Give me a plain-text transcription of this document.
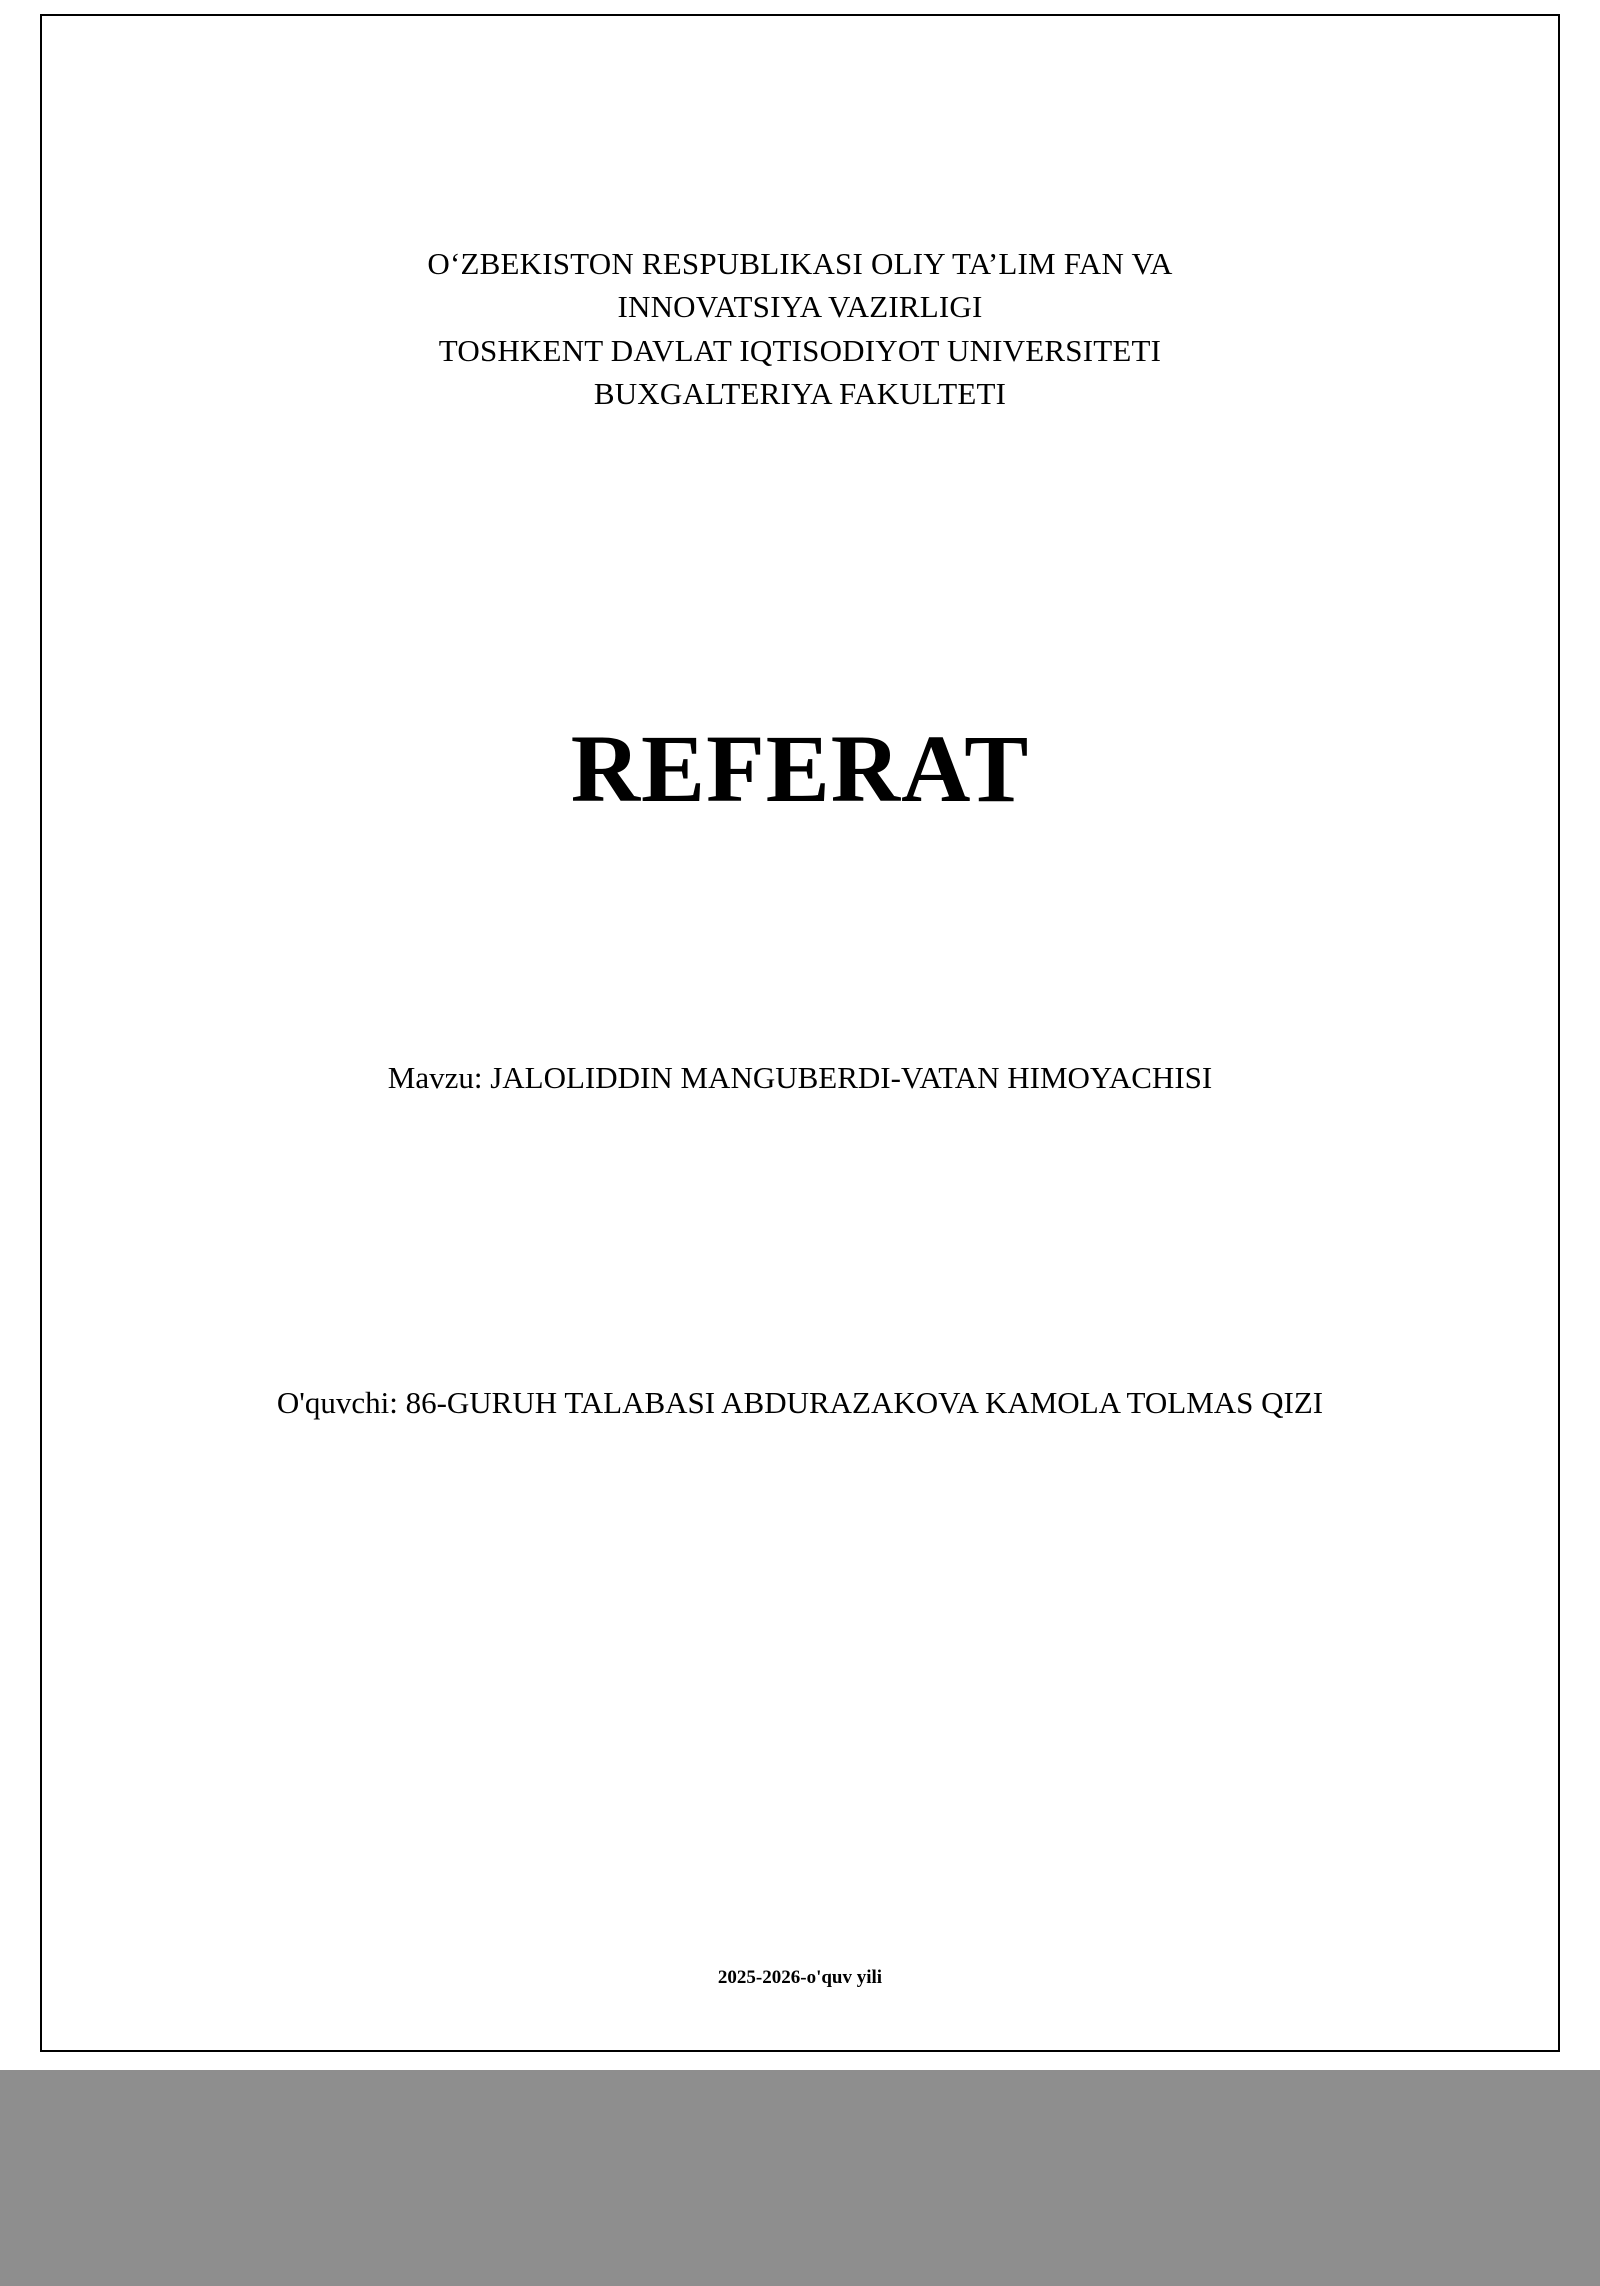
O‘ZBEKISTON RESPUBLIKASI OLIY TA’LIM FAN VA
INNOVATSIYA VAZIRLIGI
TOSHKENT DAVLAT IQTISODIYOT UNIVERSITETI
BUXGALTERIYA FAKULTETI
REFERAT
Mavzu: JALOLIDDIN MANGUBERDI-VATAN HIMOYACHISI
O'quvchi: 86-GURUH TALABASI ABDURAZAKOVA KAMOLA TOLMAS QIZI
2025-2026-o'quv yili
